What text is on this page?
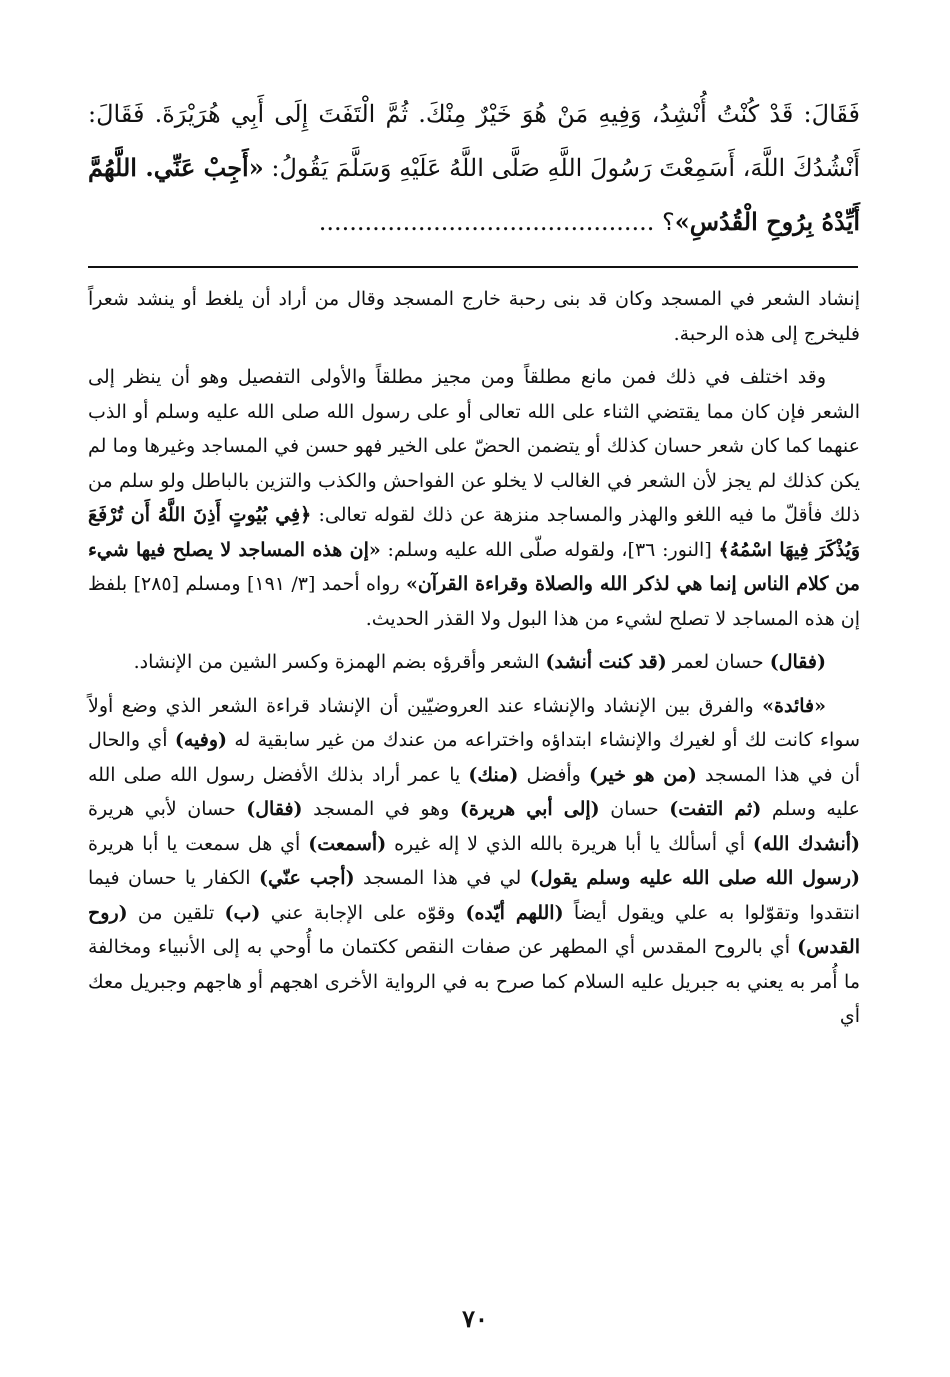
فَقَالَ: قَدْ كُنْتُ أُنْشِدُ، وَفِيهِ مَنْ هُوَ خَيْرٌ مِنْكَ. ثُمَّ الْتَفَتَ إِلَى أَبِي هُرَيْرَةَ. فَقَالَ: أَنْشُدُكَ اللَّهَ، أَسَمِعْتَ رَسُولَ اللَّهِ صَلَّى اللَّهُ عَلَيْهِ وَسَلَّمَ يَقُولُ: «أَجِبْ عَنِّي. اللَّهُمَّ أَيِّدْهُ بِرُوحِ الْقُدُسِ»؟ ............................................

إنشاد الشعر في المسجد وكان قد بنى رحبة خارج المسجد وقال من أراد أن يلغط أو ينشد شعراً فليخرج إلى هذه الرحبة.

وقد اختلف في ذلك فمن مانع مطلقاً ومن مجيز مطلقاً والأولى التفصيل وهو أن ينظر إلى الشعر فإن كان مما يقتضي الثناء على الله تعالى أو على رسول الله صلى الله عليه وسلم أو الذب عنهما كما كان شعر حسان كذلك أو يتضمن الحضّ على الخير فهو حسن في المساجد وغيرها وما لم يكن كذلك لم يجز لأن الشعر في الغالب لا يخلو عن الفواحش والكذب والتزين بالباطل ولو سلم من ذلك فأقلّ ما فيه اللغو والهذر والمساجد منزهة عن ذلك لقوله تعالى: ﴿فِي بُيُوتٍ أَذِنَ اللَّهُ أَن تُرْفَعَ وَيُذْكَرَ فِيهَا اسْمُهُ﴾ [النور: ٣٦]، ولقوله صلّى الله عليه وسلم: «إن هذه المساجد لا يصلح فيها شيء من كلام الناس إنما هي لذكر الله والصلاة وقراءة القرآن» رواه أحمد [٣/ ١٩١] ومسلم [٢٨٥] بلفظ إن هذه المساجد لا تصلح لشيء من هذا البول ولا القذر الحديث.

(فقال) حسان لعمر (قد كنت أنشد) الشعر وأقرؤه بضم الهمزة وكسر الشين من الإنشاد.

«فائدة» والفرق بين الإنشاد والإنشاء عند العروضيّين أن الإنشاد قراءة الشعر الذي وضع أولاً سواء كانت لك أو لغيرك والإنشاء ابتداؤه واختراعه من عندك من غير سابقية له (وفيه) أي والحال أن في هذا المسجد (من هو خير) وأفضل (منك) يا عمر أراد بذلك الأفضل رسول الله صلى الله عليه وسلم (ثم التفت) حسان (إلى أبي هريرة) وهو في المسجد (فقال) حسان لأبي هريرة (أنشدك الله) أي أسألك يا أبا هريرة بالله الذي لا إله غيره (أسمعت) أي هل سمعت يا أبا هريرة (رسول الله صلى الله عليه وسلم يقول) لي في هذا المسجد (أجب عنّي) الكفار يا حسان فيما انتقدوا وتقوّلوا به علي ويقول أيضاً (اللهم أيّده) وقوّه على الإجابة عني (ب) تلقين من (روح القدس) أي بالروح المقدس أي المطهر عن صفات النقص ككتمان ما أُوحي به إلى الأنبياء ومخالفة ما أُمر به يعني به جبريل عليه السلام كما صرح به في الرواية الأخرى اهجهم أو هاجهم وجبريل معك أي

٧٠
